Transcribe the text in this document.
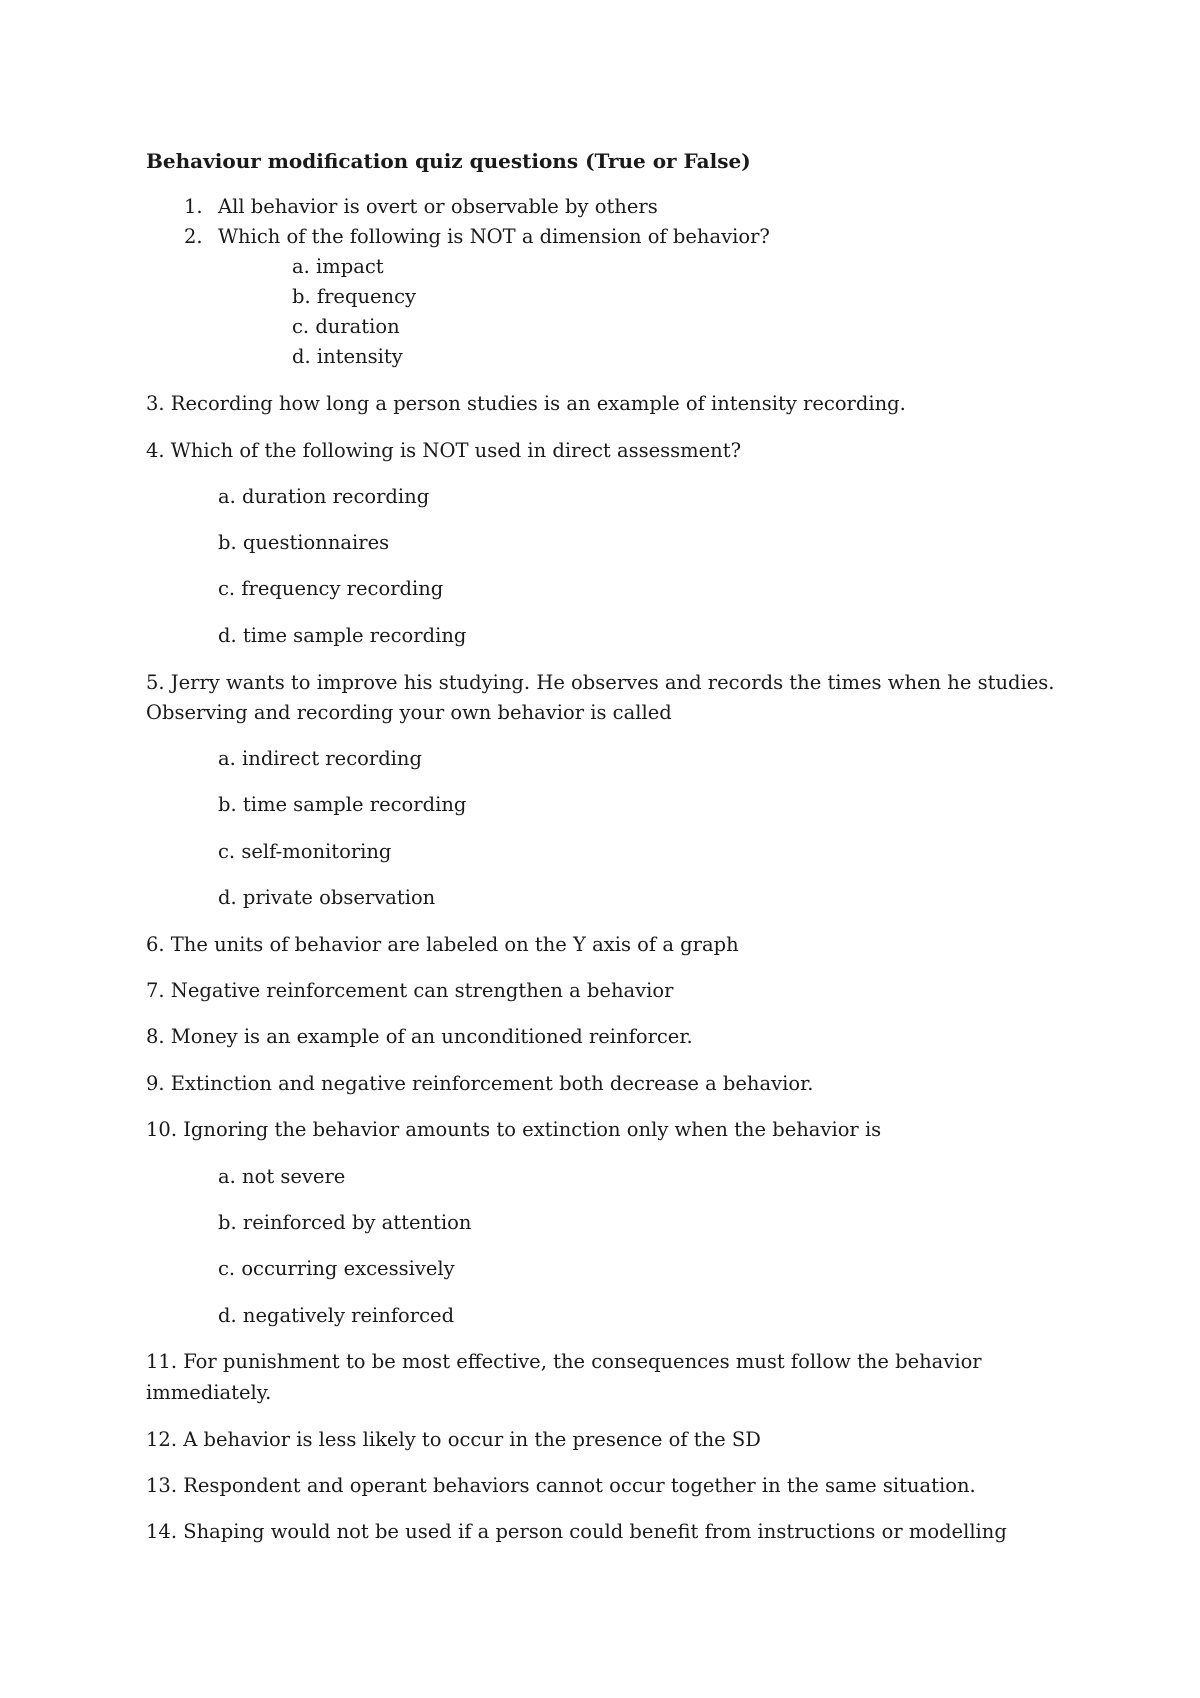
Behaviour modification quiz questions (True or False)
1. All behavior is overt or observable by others
2. Which of the following is NOT a dimension of behavior?
a. impact
b. frequency
c. duration
d. intensity
3. Recording how long a person studies is an example of intensity recording.
4. Which of the following is NOT used in direct assessment?
a. duration recording
b. questionnaires
c. frequency recording
d. time sample recording
5. Jerry wants to improve his studying. He observes and records the times when he studies.
Observing and recording your own behavior is called
a. indirect recording
b. time sample recording
c. self-monitoring
d. private observation
6. The units of behavior are labeled on the Y axis of a graph
7. Negative reinforcement can strengthen a behavior
8. Money is an example of an unconditioned reinforcer.
9. Extinction and negative reinforcement both decrease a behavior.
10. Ignoring the behavior amounts to extinction only when the behavior is
a. not severe
b. reinforced by attention
c. occurring excessively
d. negatively reinforced
11. For punishment to be most effective, the consequences must follow the behavior
immediately.
12. A behavior is less likely to occur in the presence of the SD
13. Respondent and operant behaviors cannot occur together in the same situation.
14. Shaping would not be used if a person could benefit from instructions or modelling
